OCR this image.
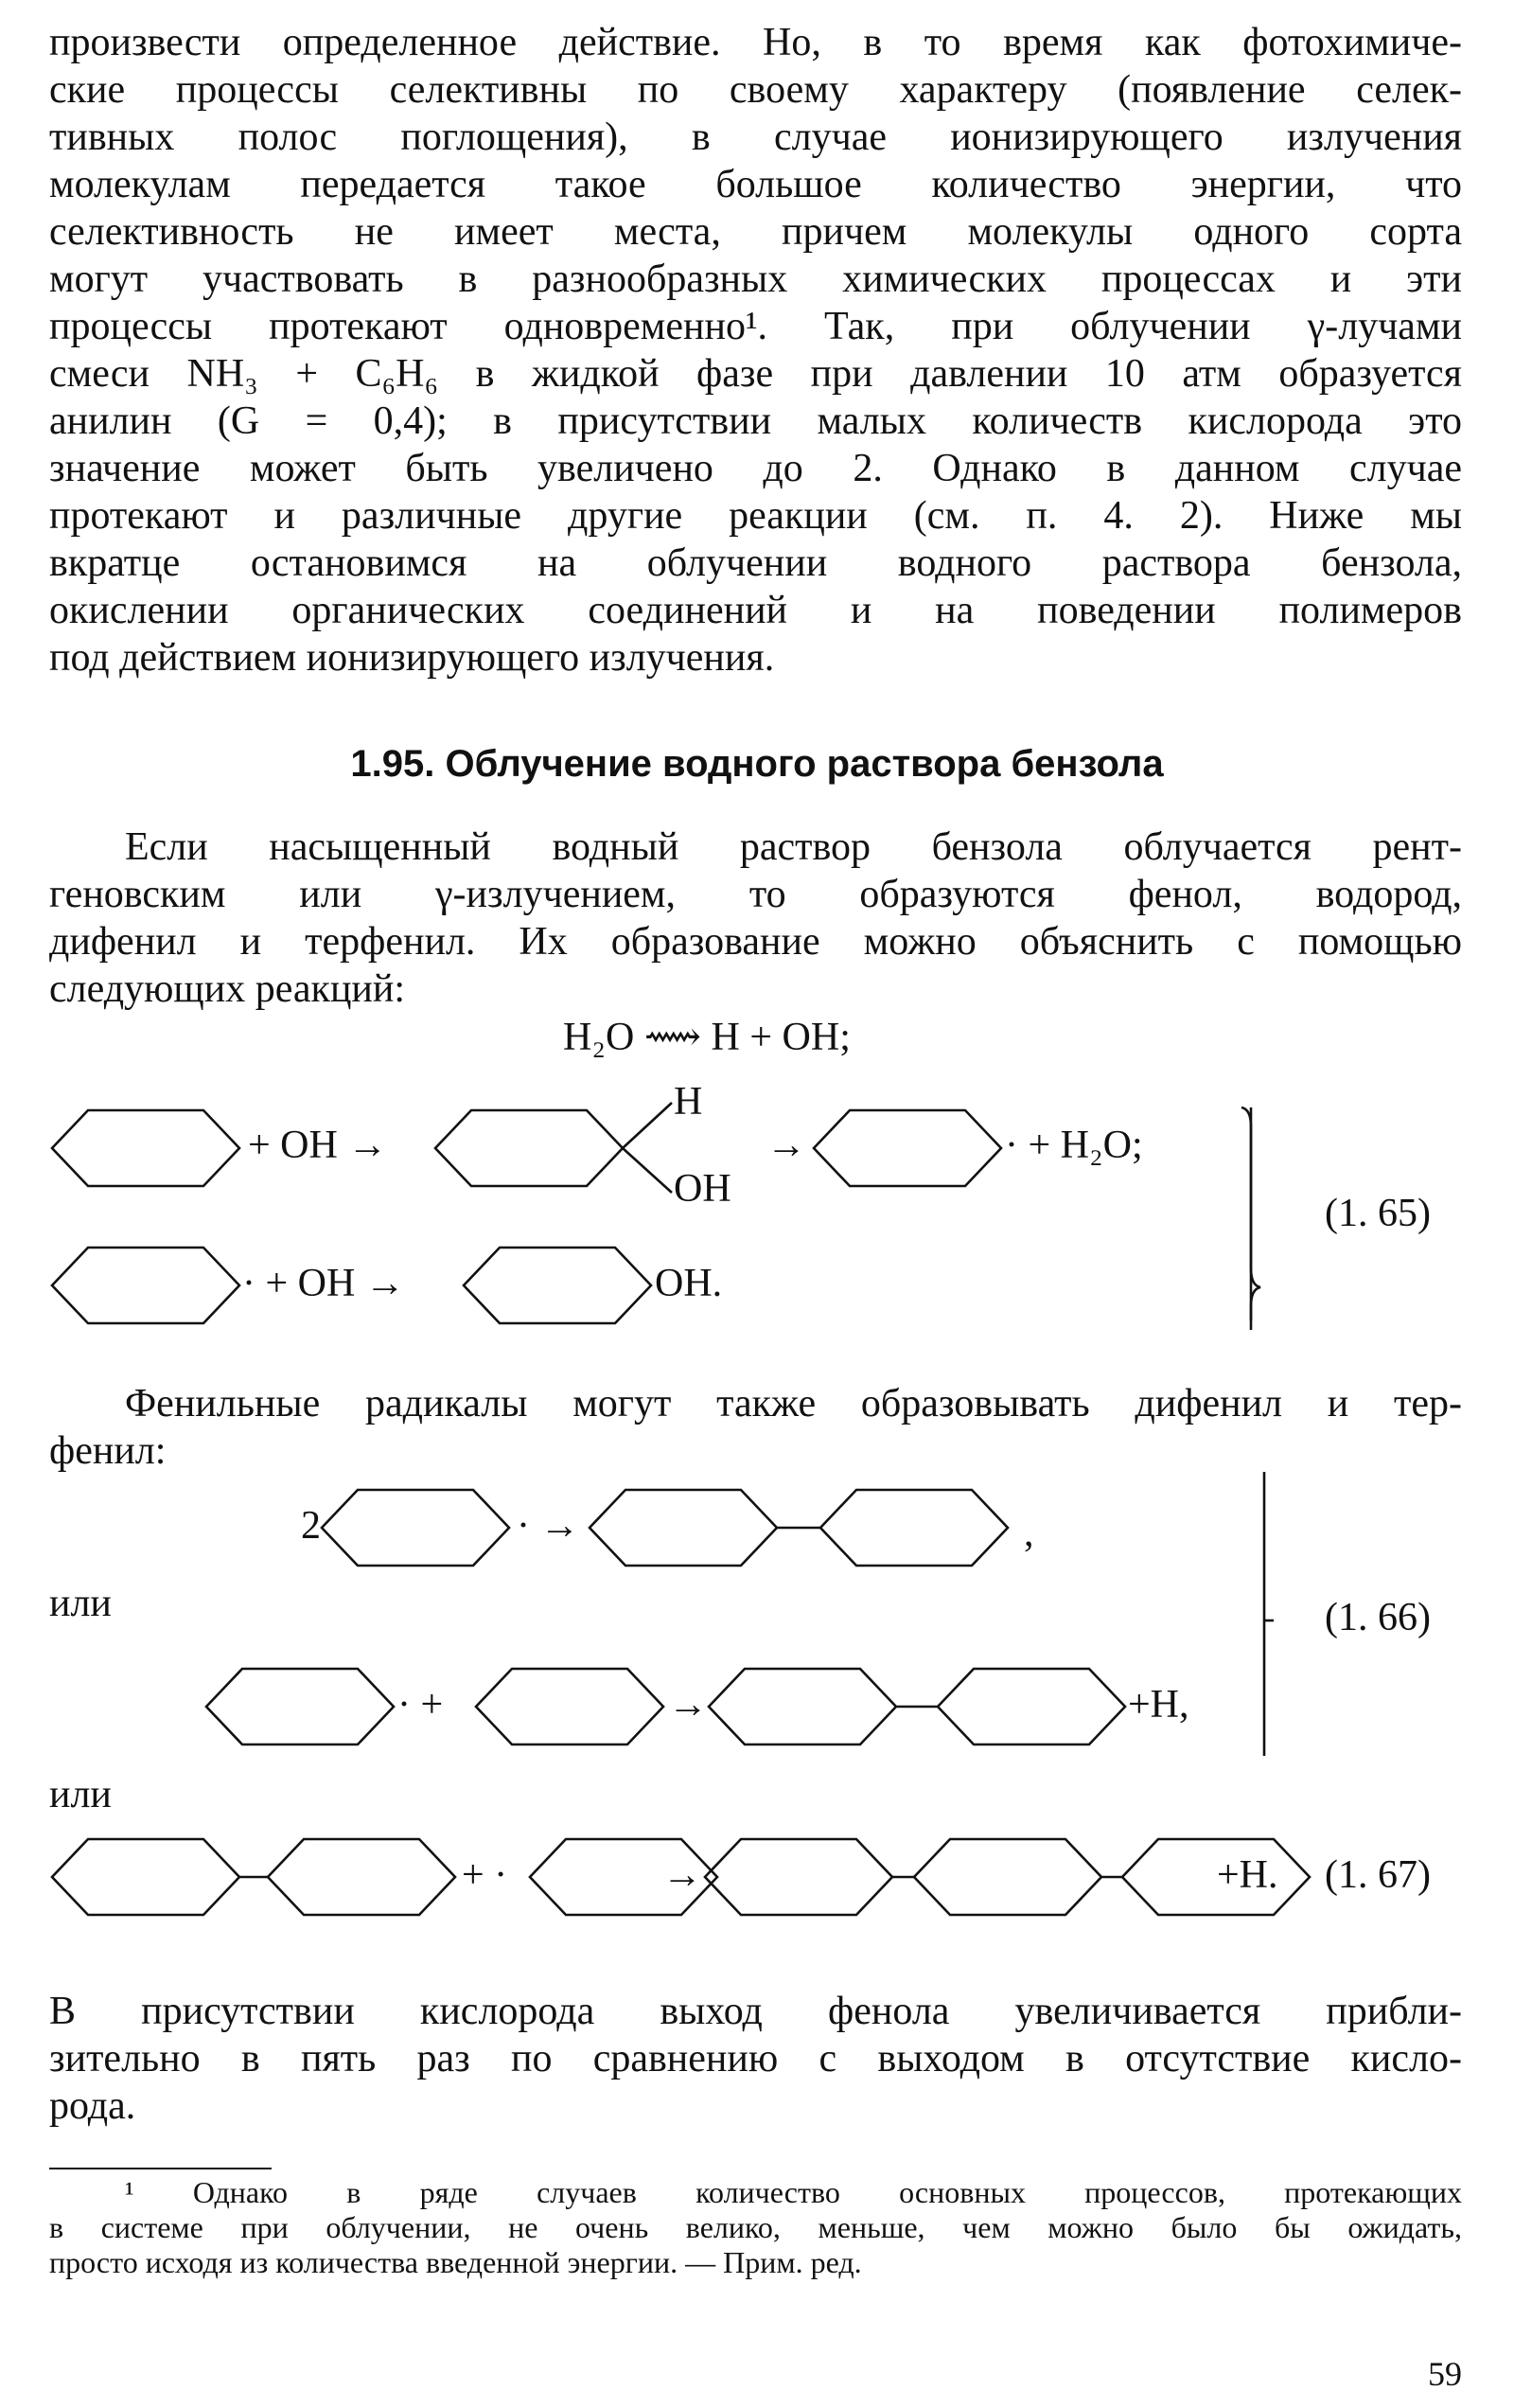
произвести определенное действие. Но, в то время как фотохимиче-
ские процессы селективны по своему характеру (появление селек-
тивных полос поглощения), в случае ионизирующего излучения
молекулам передается такое большое количество энергии, что
селективность не имеет места, причем молекулы одного сорта
могут участвовать в разнообразных химических процессах и эти
процессы протекают одновременно¹. Так, при облучении γ-лучами
смеси NH₃ + C₆H₆ в жидкой фазе при давлении 10 атм образуется
анилин (G = 0,4); в присутствии малых количеств кислорода это
значение может быть увеличено до 2. Однако в данном случае
протекают и различные другие реакции (см. п. 4. 2). Ниже мы
вкратце остановимся на облучении водного раствора бензола,
окислении органических соединений и на поведении полимеров
под действием ионизирующего излучения.
1.95. Облучение водного раствора бензола
Если насыщенный водный раствор бензола облучается рент-
геновским или γ-излучением, то образуются фенол, водород,
дифенил и терфенил. Их образование можно объяснить с помощью
следующих реакций:
H₂O ⟿ H + OH;
+ OH →
H
OH
→	· + H₂O;
· + OH →	OH.
(1. 65)
Фенильные радикалы могут также образовывать дифенил и тер-
фенил:
2	· →	,
или
· +	→	+H,
(1. 66)
или
+ ·	→	+H. (1. 67)
В присутствии кислорода выход фенола увеличивается прибли-
зительно в пять раз по сравнению с выходом в отсутствие кисло-
рода.
¹ Однако в ряде случаев количество основных процессов, протекающих
в системе при облучении, не очень велико, меньше, чем можно было бы ожидать,
просто исходя из количества введенной энергии. — Прим. ред.
59
